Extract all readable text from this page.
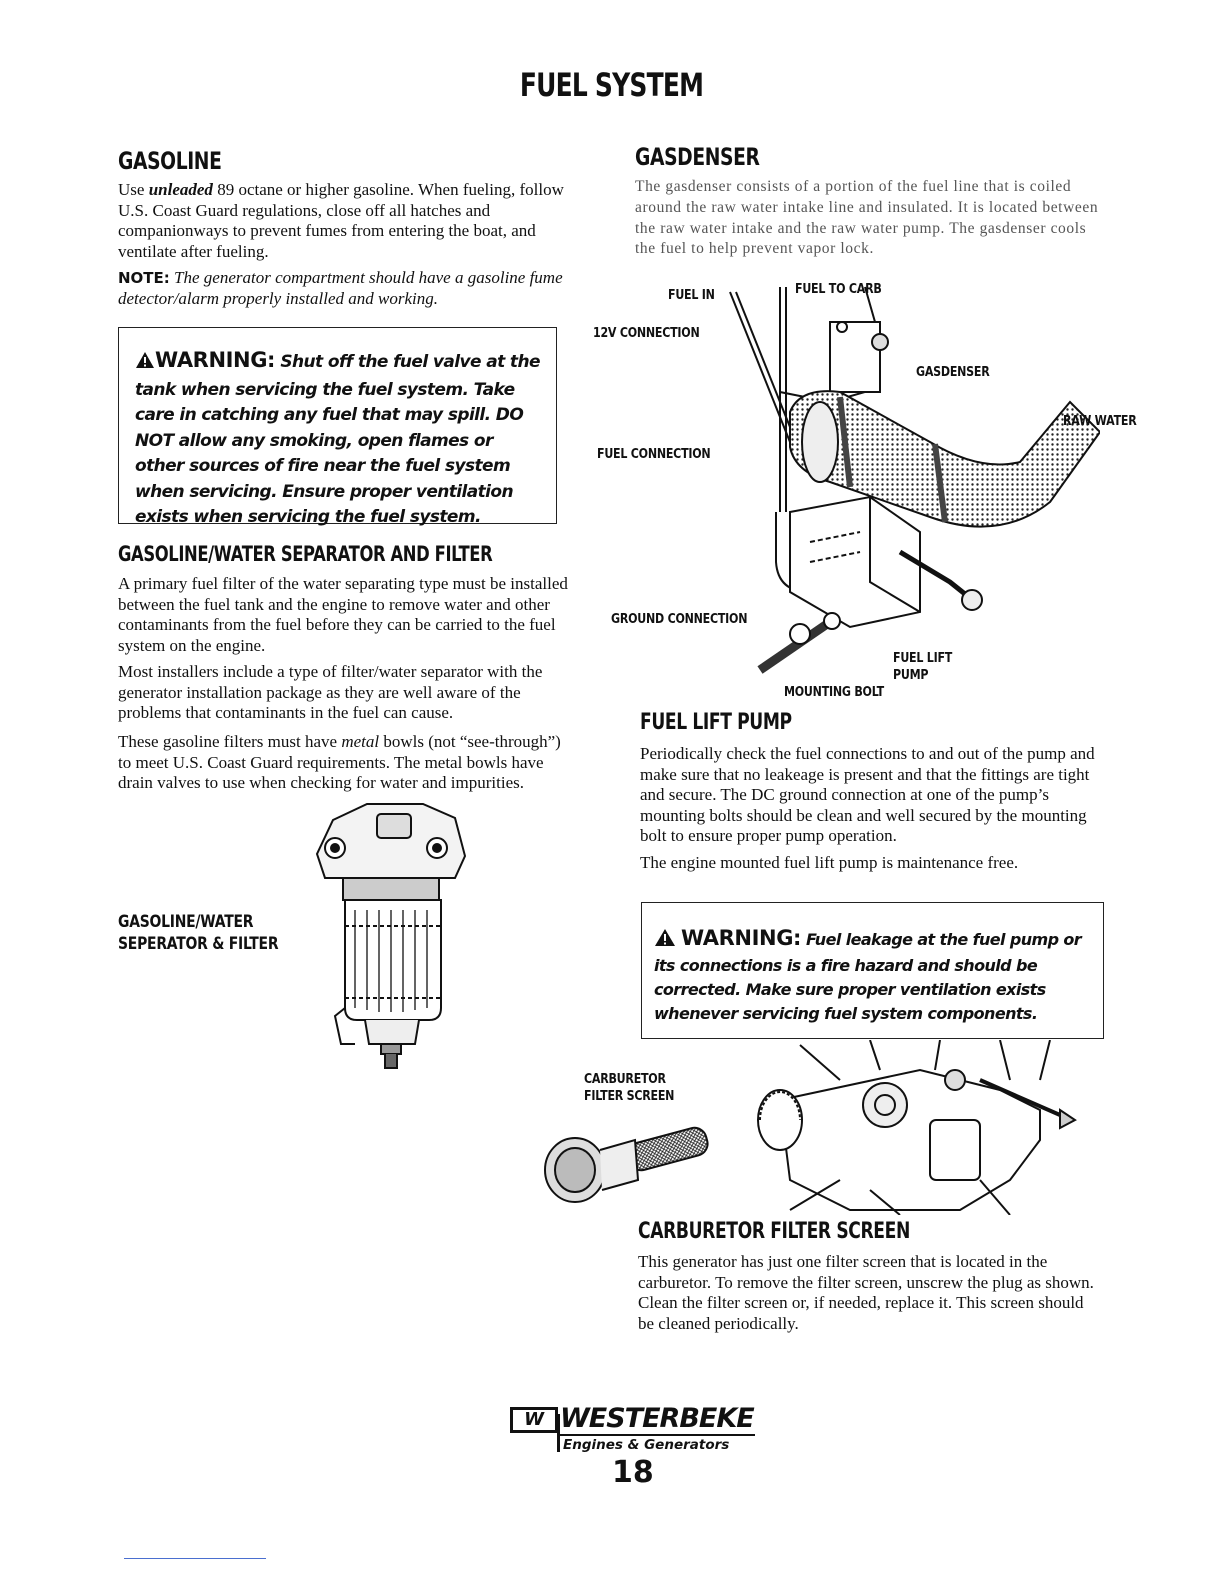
FUEL SYSTEM
GASOLINE

Use unleaded 89 octane or higher gasoline. When fueling, follow U.S. Coast Guard regulations, close off all hatches and companionways to prevent fumes from entering the boat, and ventilate after fueling.

NOTE: The generator compartment should have a gasoline fume detector/alarm properly installed and working.

WARNING: Shut off the fuel valve at the tank when servicing the fuel system. Take care in catching any fuel that may spill. DO NOT allow any smoking, open flames or other sources of fire near the fuel system when servicing. Ensure proper ventilation exists when servicing the fuel system.
GASOLINE/WATER SEPARATOR AND FILTER

A primary fuel filter of the water separating type must be installed between the fuel tank and the engine to remove water and other contaminants from the fuel before they can be carried to the fuel system on the engine.

Most installers include a type of filter/water separator with the generator installation package as they are well aware of the problems that contaminants in the fuel can cause.

These gasoline filters must have metal bowls (not “see-through”) to meet U.S. Coast Guard requirements. The metal bowls have drain valves to use when checking for water and impurities.

GASOLINE/WATER
SEPERATOR & FILTER
GASDENSER
The gasdenser consists of a portion of the fuel line that is coiled around the raw water intake line and insulated. It is located between the raw water intake and the raw water pump. The gasdenser cools the fuel to help prevent vapor lock.
FUEL IN	FUEL TO CARB
12V CONNECTION
GASDENSER
RAW WATER
FUEL CONNECTION
GROUND CONNECTION
FUEL LIFT
PUMP
MOUNTING BOLT
FUEL LIFT PUMP

Periodically check the fuel connections to and out of the pump and make sure that no leakeage is present and that the fittings are tight and secure. The DC ground connection at one of the pump’s mounting bolts should be clean and well secured by the mounting bolt to ensure proper pump operation.

The engine mounted fuel lift pump is maintenance free.

WARNING: Fuel leakage at the fuel pump or its connections is a fire hazard and should be corrected. Make sure proper ventilation exists whenever servicing fuel system components.
CARBURETOR
FILTER SCREEN
CARBURETOR FILTER SCREEN
This generator has just one filter screen that is located in the carburetor. To remove the filter screen, unscrew the plug as shown. Clean the filter screen or, if needed, replace it. This screen should be cleaned periodically.
W WESTERBEKE
Engines & Generators
18
